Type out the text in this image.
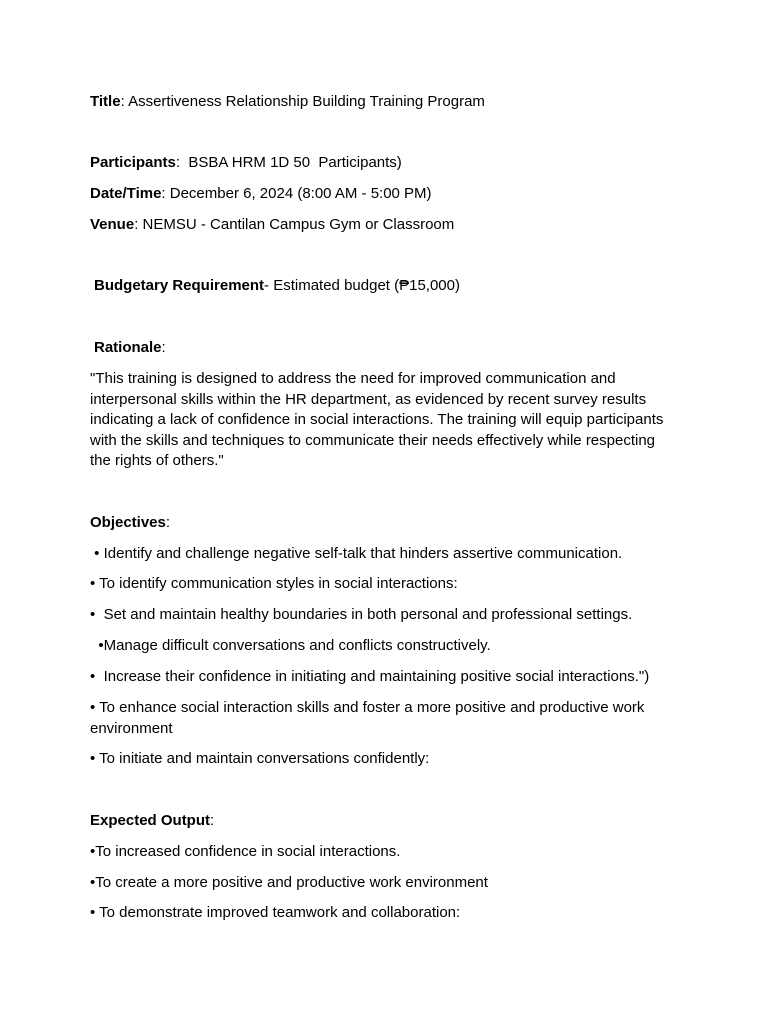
Title: Assertiveness Relationship Building Training Program
Participants:  BSBA HRM 1D 50  Participants)
Date/Time: December 6, 2024 (8:00 AM - 5:00 PM)
Venue: NEMSU - Cantilan Campus Gym or Classroom
Budgetary Requirement- Estimated budget (₱15,000)
Rationale:
"This training is designed to address the need for improved communication and interpersonal skills within the HR department, as evidenced by recent survey results indicating a lack of confidence in social interactions. The training will equip participants with the skills and techniques to communicate their needs effectively while respecting the rights of others."
Objectives:
• Identify and challenge negative self-talk that hinders assertive communication.
• To identify communication styles in social interactions:
•  Set and maintain healthy boundaries in both personal and professional settings.
•Manage difficult conversations and conflicts constructively.
•  Increase their confidence in initiating and maintaining positive social interactions.")
• To enhance social interaction skills and foster a more positive and productive work environment
• To initiate and maintain conversations confidently:
Expected Output:
•To increased confidence in social interactions.
•To create a more positive and productive work environment
• To demonstrate improved teamwork and collaboration:
